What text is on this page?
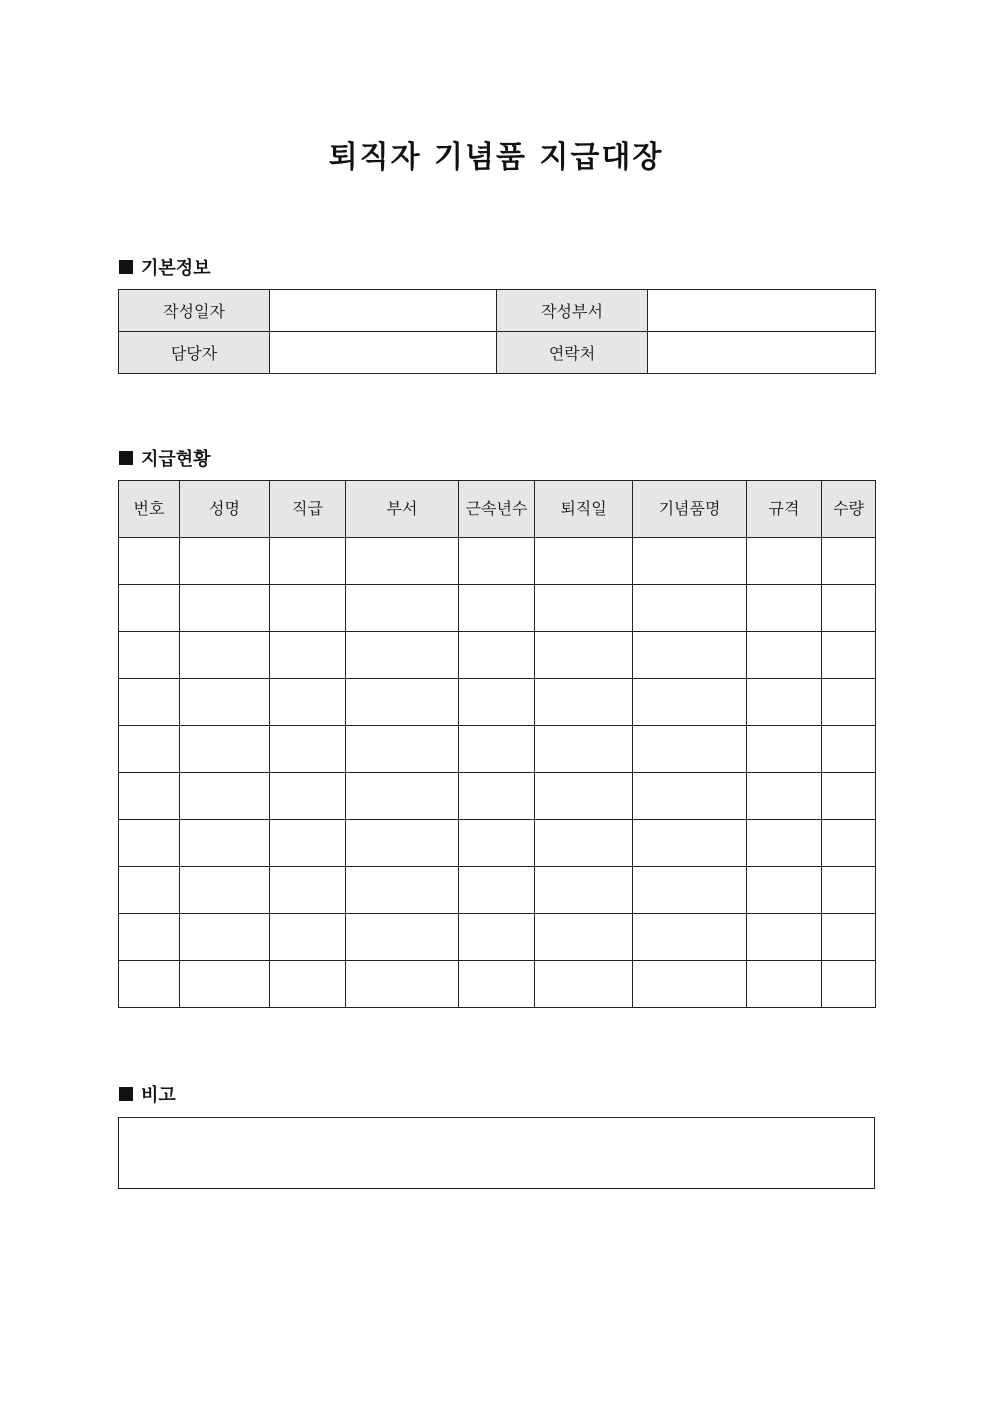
퇴직자 기념품 지급대장
기본정보
작성일자		작성부서	
담당자		연락처	
지급현황
번호	성명	직급	부서	근속년수	퇴직일	기념품명	규격	수량

비고
